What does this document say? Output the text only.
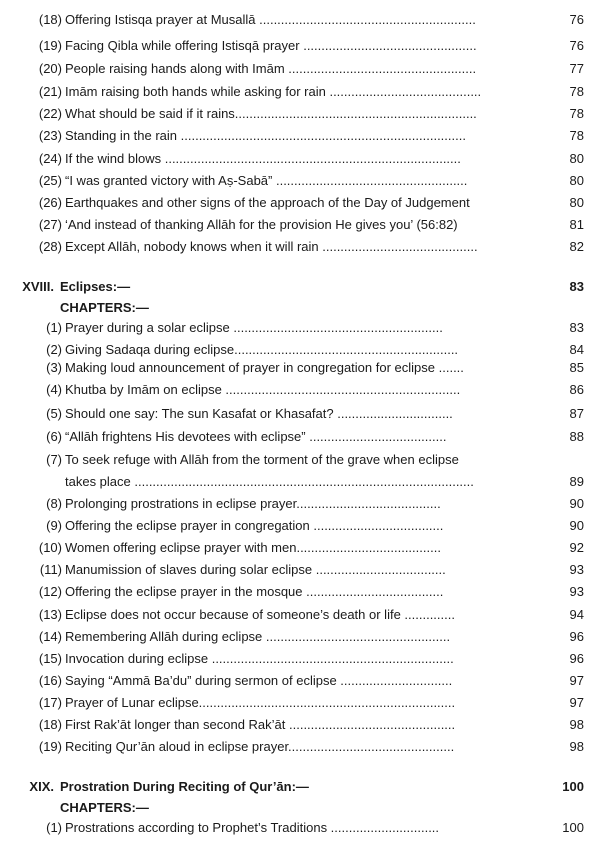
(18) Offering Istisqa prayer at Musallā ............................................................	76
(19) Facing Qibla while offering Istisqā prayer ................................................	76
(20) People raising hands along with Imām ....................................................	77
(21) Imām raising both hands while asking for rain ..........................................	78
(22) What should be said if it rains...................................................................	78
(23) Standing in the rain ...............................................................................	78
(24) If the wind blows ..................................................................................	80
(25) “I was granted victory with Aṣ-Sabā” .....................................................	80
(26) Earthquakes and other signs of the approach of the Day of Judgement	80
(27) ‘And instead of thanking Allāh for the provision He gives you’ (56:82)	81
(28) Except Allāh, nobody knows when it will rain ...........................................	82
XVIII. Eclipses:—	83
CHAPTERS:—
(1) Prayer during a solar eclipse ..........................................................	83
(2) Giving Sadaqa during eclipse..............................................................	84
(3) Making loud announcement of prayer in congregation for eclipse .......	85
(4) Khutba by Imām on eclipse .................................................................	86
(5) Should one say: The sun Kasafat or Khasafat? ................................	87
(6) “Allāh frightens His devotees with eclipse” ......................................	88
(7) To seek refuge with Allāh from the torment of the grave when eclipse
takes place ..............................................................................................	89
(8) Prolonging prostrations in eclipse prayer........................................	90
(9) Offering the eclipse prayer in congregation ....................................	90
(10) Women offering eclipse prayer with men........................................	92
(11) Manumission of slaves during solar eclipse ....................................	93
(12) Offering the eclipse prayer in the mosque ......................................	93
(13) Eclipse does not occur because of someone’s death or life ..............	94
(14) Remembering Allāh during eclipse ...................................................	96
(15) Invocation during eclipse ...................................................................	96
(16) Saying “Ammā Ba’du” during sermon of eclipse ...............................	97
(17) Prayer of Lunar eclipse.......................................................................	97
(18) First Rak’āt longer than second Rak’āt ..............................................	98
(19) Reciting Qur’ān aloud in eclipse prayer..............................................	98
XIX. Prostration During Reciting of Qur’ān:—	100
CHAPTERS:—
(1) Prostrations according to Prophet’s Traditions ..............................	100
